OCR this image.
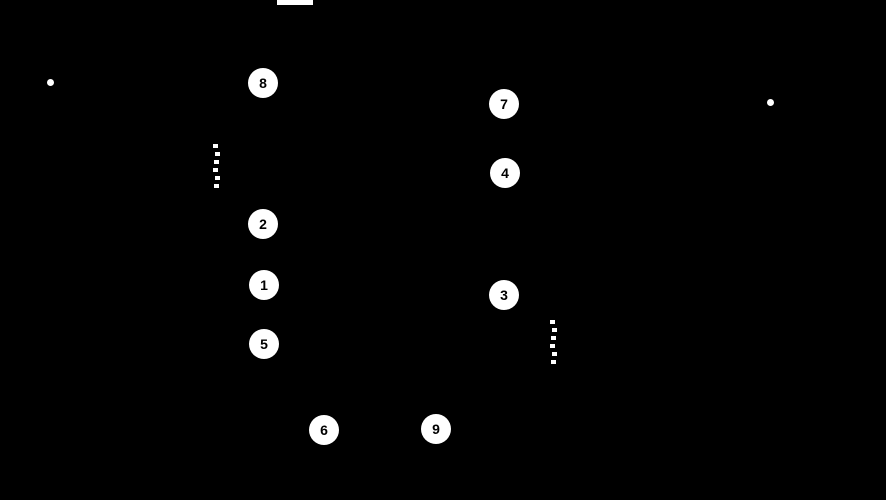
8
7
4
2
1
3
5
6	9
